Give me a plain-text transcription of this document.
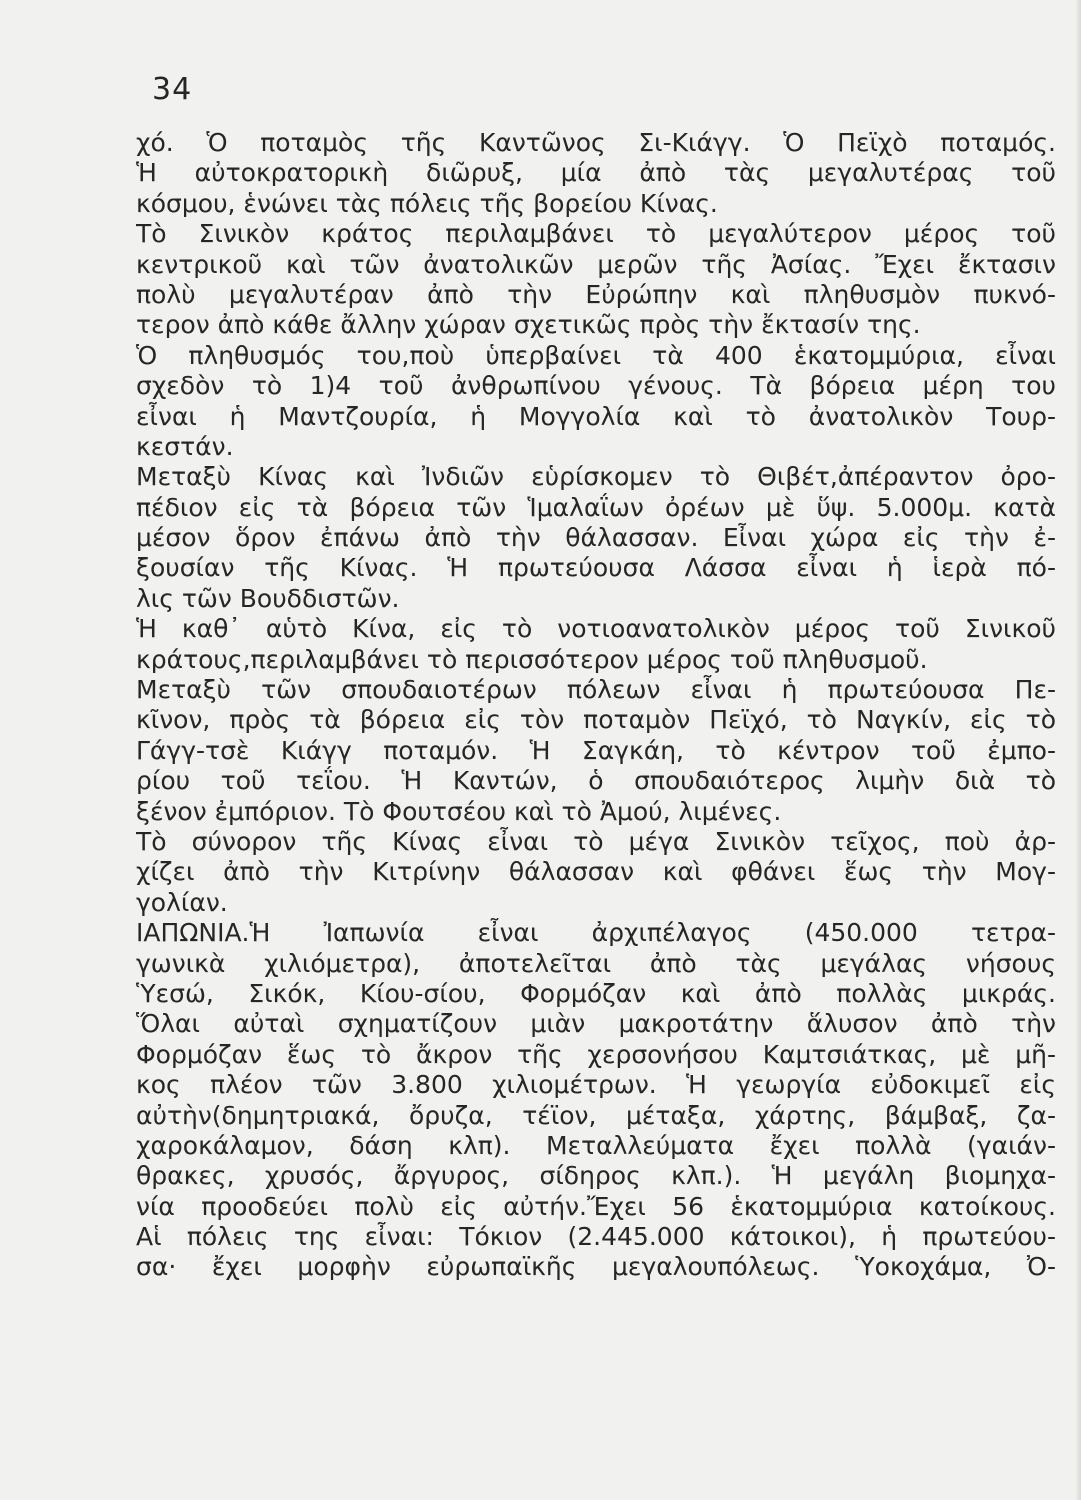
34
χό. Ὁ ποταμὸς τῆς Καντῶνος Σι-Κιάγγ. Ὁ Πεϊχὸ ποταμός.
Ἡ αὐτοκρατορικὴ διῶρυξ, μία ἀπὸ τὰς μεγαλυτέρας τοῦ
κόσμου, ἑνώνει τὰς πόλεις τῆς βορείου Κίνας.
Τὸ Σινικὸν κράτος περιλαμβάνει τὸ μεγαλύτερον μέρος τοῦ
κεντρικοῦ καὶ τῶν ἀνατολικῶν μερῶν τῆς Ἀσίας. Ἔχει ἔκτασιν
πολὺ μεγαλυτέραν ἀπὸ τὴν Εὐρώπην καὶ πληθυσμὸν πυκνό-
τερον ἀπὸ κάθε ἄλλην χώραν σχετικῶς πρὸς τὴν ἔκτασίν της.
Ὁ πληθυσμός του,ποὺ ὑπερβαίνει τὰ 400 ἑκατομμύρια, εἶναι
σχεδὸν τὸ 1)4 τοῦ ἀνθρωπίνου γένους. Τὰ βόρεια μέρη του
εἶναι ἡ Μαντζουρία, ἡ Μογγολία καὶ τὸ ἀνατολικὸν Τουρ-
κεστάν.
Μεταξὺ Κίνας καὶ Ἰνδιῶν εὑρίσκομεν τὸ Θιβέτ,ἀπέραντον ὀρο-
πέδιον εἰς τὰ βόρεια τῶν Ἱμαλαΐων ὀρέων μὲ ὕψ. 5.000μ. κατὰ
μέσον ὅρον ἐπάνω ἀπὸ τὴν θάλασσαν. Εἶναι χώρα εἰς τὴν ἐ-
ξουσίαν τῆς Κίνας. Ἡ πρωτεύουσα Λάσσα εἶναι ἡ ἱερὰ πό-
λις τῶν Βουδδιστῶν.
Ἡ καθ᾽ αὑτὸ Κίνα, εἰς τὸ νοτιοανατολικὸν μέρος τοῦ Σινικοῦ
κράτους,περιλαμβάνει τὸ περισσότερον μέρος τοῦ πληθυσμοῦ.
Μεταξὺ τῶν σπουδαιοτέρων πόλεων εἶναι ἡ πρωτεύουσα Πε-
κῖνον, πρὸς τὰ βόρεια εἰς τὸν ποταμὸν Πεϊχό, τὸ Ναγκίν, εἰς τὸ
Γάγγ-τσὲ Κιάγγ ποταμόν. Ἡ Σαγκάη, τὸ κέντρον τοῦ ἐμπο-
ρίου τοῦ τεΐου. Ἡ Καντών, ὁ σπουδαιότερος λιμὴν διὰ τὸ
ξένον ἐμπόριον. Τὸ Φουτσέου καὶ τὸ Ἀμού, λιμένες.
Τὸ σύνορον τῆς Κίνας εἶναι τὸ μέγα Σινικὸν τεῖχος, ποὺ ἀρ-
χίζει ἀπὸ τὴν Κιτρίνην θάλασσαν καὶ φθάνει ἕως τὴν Μογ-
γολίαν.
ΙΑΠΩΝΙΑ.Ἡ Ἰαπωνία εἶναι ἀρχιπέλαγος (450.000 τετρα-
γωνικὰ χιλιόμετρα), ἀποτελεῖται ἀπὸ τὰς μεγάλας νήσους
Ὑεσώ, Σικόκ, Κίου-σίου, Φορμόζαν καὶ ἀπὸ πολλὰς μικράς.
Ὅλαι αὐταὶ σχηματίζουν μιὰν μακροτάτην ἅλυσον ἀπὸ τὴν
Φορμόζαν ἕως τὸ ἄκρον τῆς χερσονήσου Καμτσιάτκας, μὲ μῆ-
κος πλέον τῶν 3.800 χιλιομέτρων. Ἡ γεωργία εὐδοκιμεῖ εἰς
αὐτὴν(δημητριακά, ὄρυζα, τέϊον, μέταξα, χάρτης, βάμβαξ, ζα-
χαροκάλαμον, δάση κλπ). Μεταλλεύματα ἔχει πολλὰ (γαιάν-
θρακες, χρυσός, ἄργυρος, σίδηρος κλπ.). Ἡ μεγάλη βιομηχα-
νία προοδεύει πολὺ εἰς αὐτήν.Ἔχει 56 ἑκατομμύρια κατοίκους.
Αἱ πόλεις της εἶναι: Τόκιον (2.445.000 κάτοικοι), ἡ πρωτεύου-
σα· ἔχει μορφὴν εὐρωπαϊκῆς μεγαλουπόλεως. Ὑοκοχάμα, Ὀ-
